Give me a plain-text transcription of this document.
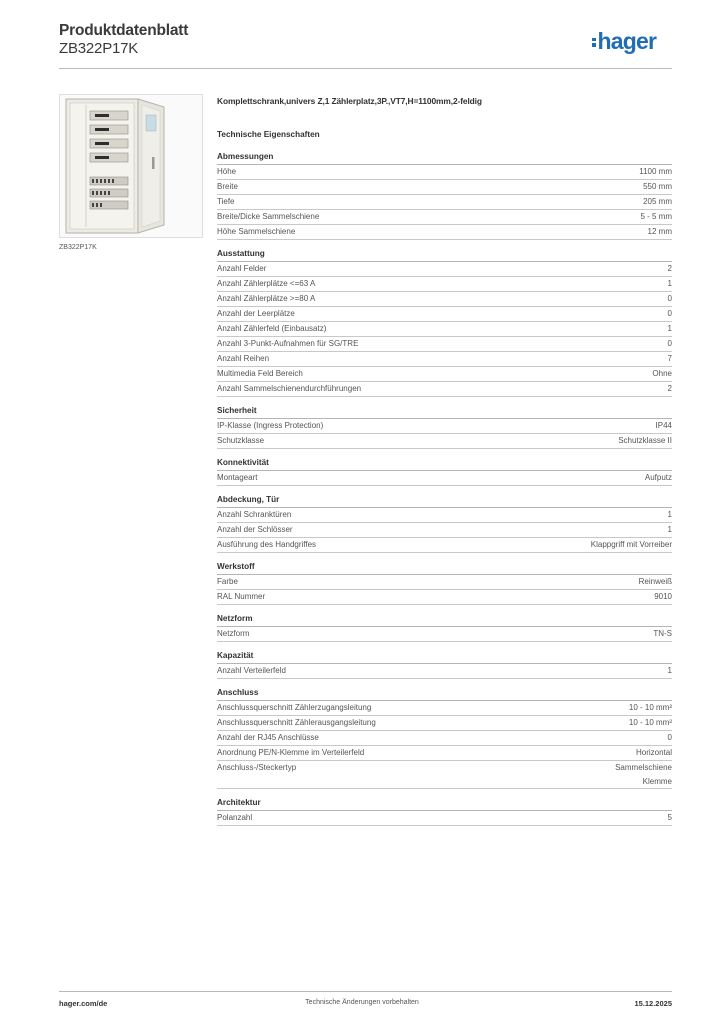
Produktdatenblatt
ZB322P17K	hager
ZB322P17K

Komplettschrank,univers Z,1 Zählerplatz,3P.,VT7,H=1100mm,2-feldig

Technische Eigenschaften
Abmessungen
Höhe	1100 mm
Breite	550 mm
Tiefe	205 mm
Breite/Dicke Sammelschiene	5 - 5 mm
Höhe Sammelschiene	12 mm
Ausstattung
Anzahl Felder	2
Anzahl Zählerplätze <=63 A	1
Anzahl Zählerplätze >=80 A	0
Anzahl der Leerplätze	0
Anzahl Zählerfeld (Einbausatz)	1
Anzahl 3-Punkt-Aufnahmen für SG/TRE	0
Anzahl Reihen	7
Multimedia Feld Bereich	Ohne
Anzahl Sammelschienendurchführungen	2
Sicherheit
IP-Klasse (Ingress Protection)	IP44
Schutzklasse	Schutzklasse II
Konnektivität
Montageart	Aufputz
Abdeckung, Tür
Anzahl Schranktüren	1
Anzahl der Schlösser	1
Ausführung des Handgriffes	Klappgriff mit Vorreiber
Werkstoff
Farbe	Reinweiß
RAL Nummer	9010
Netzform
Netzform	TN-S
Kapazität
Anzahl Verteilerfeld	1
Anschluss
Anschlussquerschnitt Zählerzugangsleitung	10 - 10 mm²
Anschlussquerschnitt Zählerausgangsleitung	10 - 10 mm²
Anzahl der RJ45 Anschlüsse	0
Anordnung PE/N-Klemme im Verteilerfeld	Horizontal
Anschluss-/Steckertyp	Sammelschiene
Klemme
Architektur
Polanzahl	5
hager.com/de	Technische Änderungen vorbehalten	15.12.2025
